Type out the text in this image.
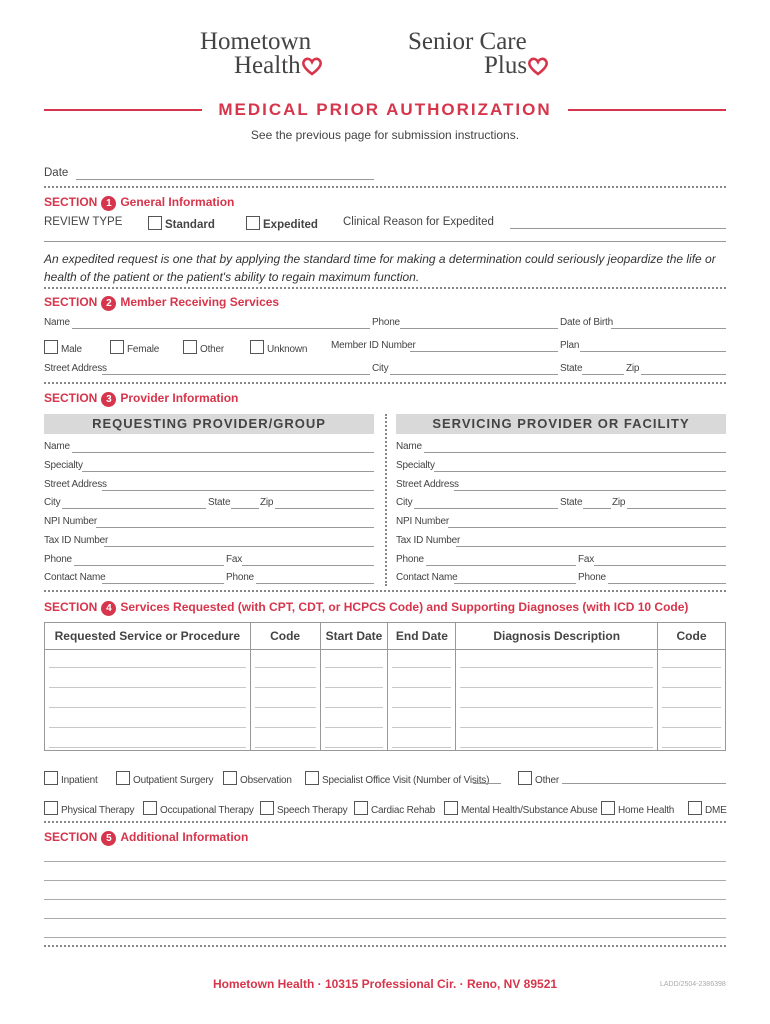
Hometown
Health
Senior Care
Plus
MEDICAL PRIOR AUTHORIZATION
See the previous page for submission instructions.
Date
SECTION 1 General Information
REVIEW TYPE	Standard	Expedited Clinical Reason for Expedited
An expedited request is one that by applying the standard time for making a determination could seriously jeopardize the life or health of the patient or the patient's ability to regain maximum function.
SECTION 2 Member Receiving Services
Name	Phone	Date of Birth
Male	Female	Other	Unknown Member ID Number	Plan
Street Address	City	State	Zip
SECTION 3 Provider Information
REQUESTING PROVIDER/GROUP	SERVICING PROVIDER OR FACILITY
Name
Specialty
Street Address
City	State	Zip
NPI Number
Tax ID Number
Phone	Fax
Contact Name	Phone
Name
Specialty
Street Address
City	State	Zip
NPI Number
Tax ID Number
Phone	Fax
Contact Name	Phone
SECTION 4 Services Requested (with CPT, CDT, or HCPCS Code) and Supporting Diagnoses (with ICD 10 Code)
Requested Service or Procedure	Code	Start Date	End Date	Diagnosis Description	Code

Inpatient	Outpatient Surgery	Observation	Specialist Office Visit (Number of Visits)	Other
Physical Therapy	Occupational Therapy	Speech Therapy	Cardiac Rehab	Mental Health/Substance Abuse	Home Health	DME
SECTION 5 Additional Information
Hometown Health · 10315 Professional Cir. · Reno, NV 89521	LADD/2504-2386398
